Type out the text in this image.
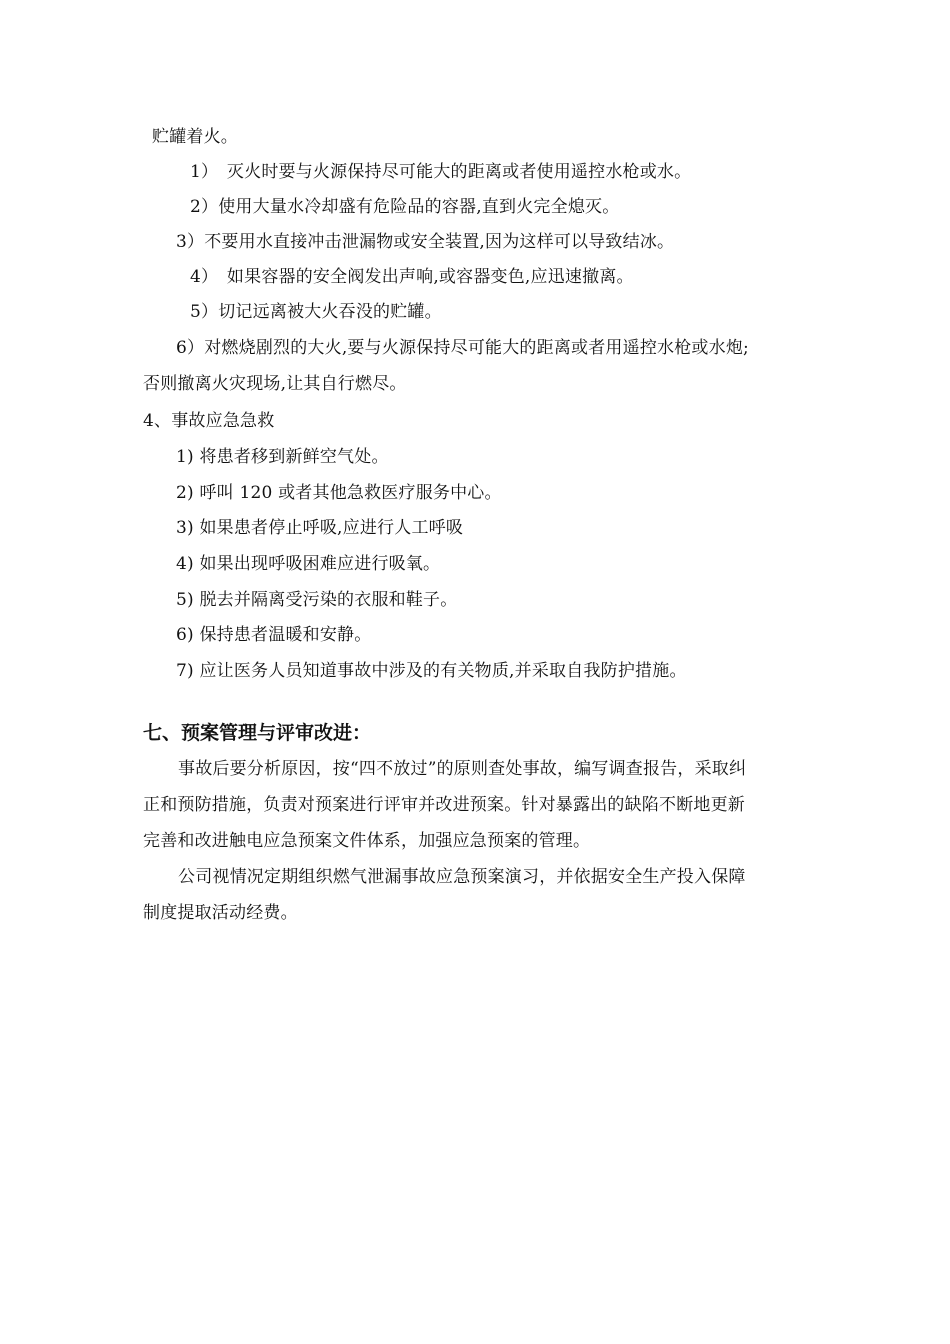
贮罐着火。
1）　灭火时要与火源保持尽可能大的距离或者使用遥控水枪或水。
2）使用大量水冷却盛有危险品的容器,直到火完全熄灭。
3）不要用水直接冲击泄漏物或安全装置,因为这样可以导致结冰。
4）　如果容器的安全阀发出声响,或容器变色,应迅速撤离。
5）切记远离被大火吞没的贮罐。
6）对燃烧剧烈的大火,要与火源保持尽可能大的距离或者用遥控水枪或水炮;
否则撤离火灾现场,让其自行燃尽。
4、事故应急急救
1) 将患者移到新鲜空气处。
2) 呼叫 120 或者其他急救医疗服务中心。
3) 如果患者停止呼吸,应进行人工呼吸
4) 如果出现呼吸困难应进行吸氧。
5) 脱去并隔离受污染的衣服和鞋子。
6) 保持患者温暖和安静。
7) 应让医务人员知道事故中涉及的有关物质,并采取自我防护措施。
七、预案管理与评审改进：
事故后要分析原因，按“四不放过”的原则查处事故，编写调查报告，采取纠
正和预防措施，负责对预案进行评审并改进预案。针对暴露出的缺陷不断地更新
完善和改进触电应急预案文件体系，加强应急预案的管理。
公司视情况定期组织燃气泄漏事故应急预案演习，并依据安全生产投入保障
制度提取活动经费。
